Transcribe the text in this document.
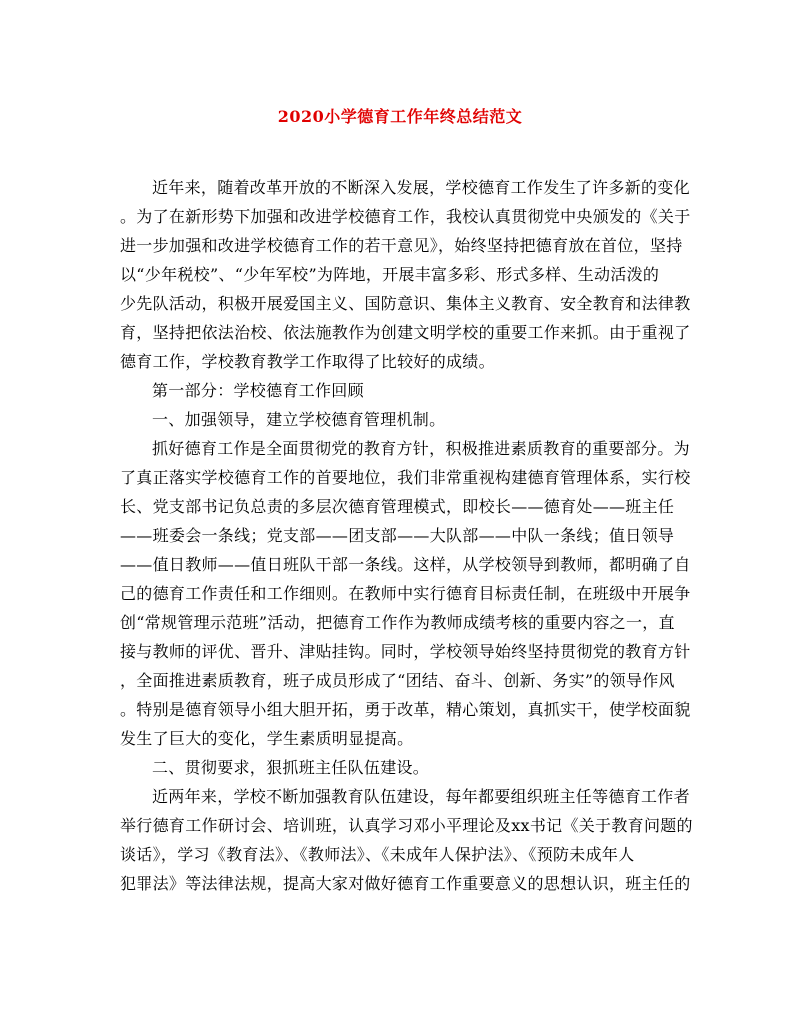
2020小学德育工作年终总结范文
近年来，随着改革开放的不断深入发展，学校德育工作发生了许多新的变化
。为了在新形势下加强和改进学校德育工作，我校认真贯彻党中央颁发的《关于
进一步加强和改进学校德育工作的若干意见》，始终坚持把德育放在首位，坚持
以“少年税校”、“少年军校”为阵地，开展丰富多彩、形式多样、生动活泼的
少先队活动，积极开展爱国主义、国防意识、集体主义教育、安全教育和法律教
育，坚持把依法治校、依法施教作为创建文明学校的重要工作来抓。由于重视了
德育工作，学校教育教学工作取得了比较好的成绩。
第一部分：学校德育工作回顾
一、加强领导，建立学校德育管理机制。
抓好德育工作是全面贯彻党的教育方针，积极推进素质教育的重要部分。为
了真正落实学校德育工作的首要地位，我们非常重视构建德育管理体系，实行校
长、党支部书记负总责的多层次德育管理模式，即校长——德育处——班主任
——班委会一条线；党支部——团支部——大队部——中队一条线；值日领导
——值日教师——值日班队干部一条线。这样，从学校领导到教师，都明确了自
己的德育工作责任和工作细则。在教师中实行德育目标责任制，在班级中开展争
创“常规管理示范班”活动，把德育工作作为教师成绩考核的重要内容之一，直
接与教师的评优、晋升、津贴挂钩。同时，学校领导始终坚持贯彻党的教育方针
，全面推进素质教育，班子成员形成了“团结、奋斗、创新、务实”的领导作风
。特别是德育领导小组大胆开拓，勇于改革，精心策划，真抓实干，使学校面貌
发生了巨大的变化，学生素质明显提高。
二、贯彻要求，狠抓班主任队伍建设。
近两年来，学校不断加强教育队伍建设，每年都要组织班主任等德育工作者
举行德育工作研讨会、培训班，认真学习邓小平理论及xx书记《关于教育问题的
谈话》，学习《教育法》、《教师法》、《未成年人保护法》、《预防未成年人
犯罪法》等法律法规，提高大家对做好德育工作重要意义的思想认识，班主任的
